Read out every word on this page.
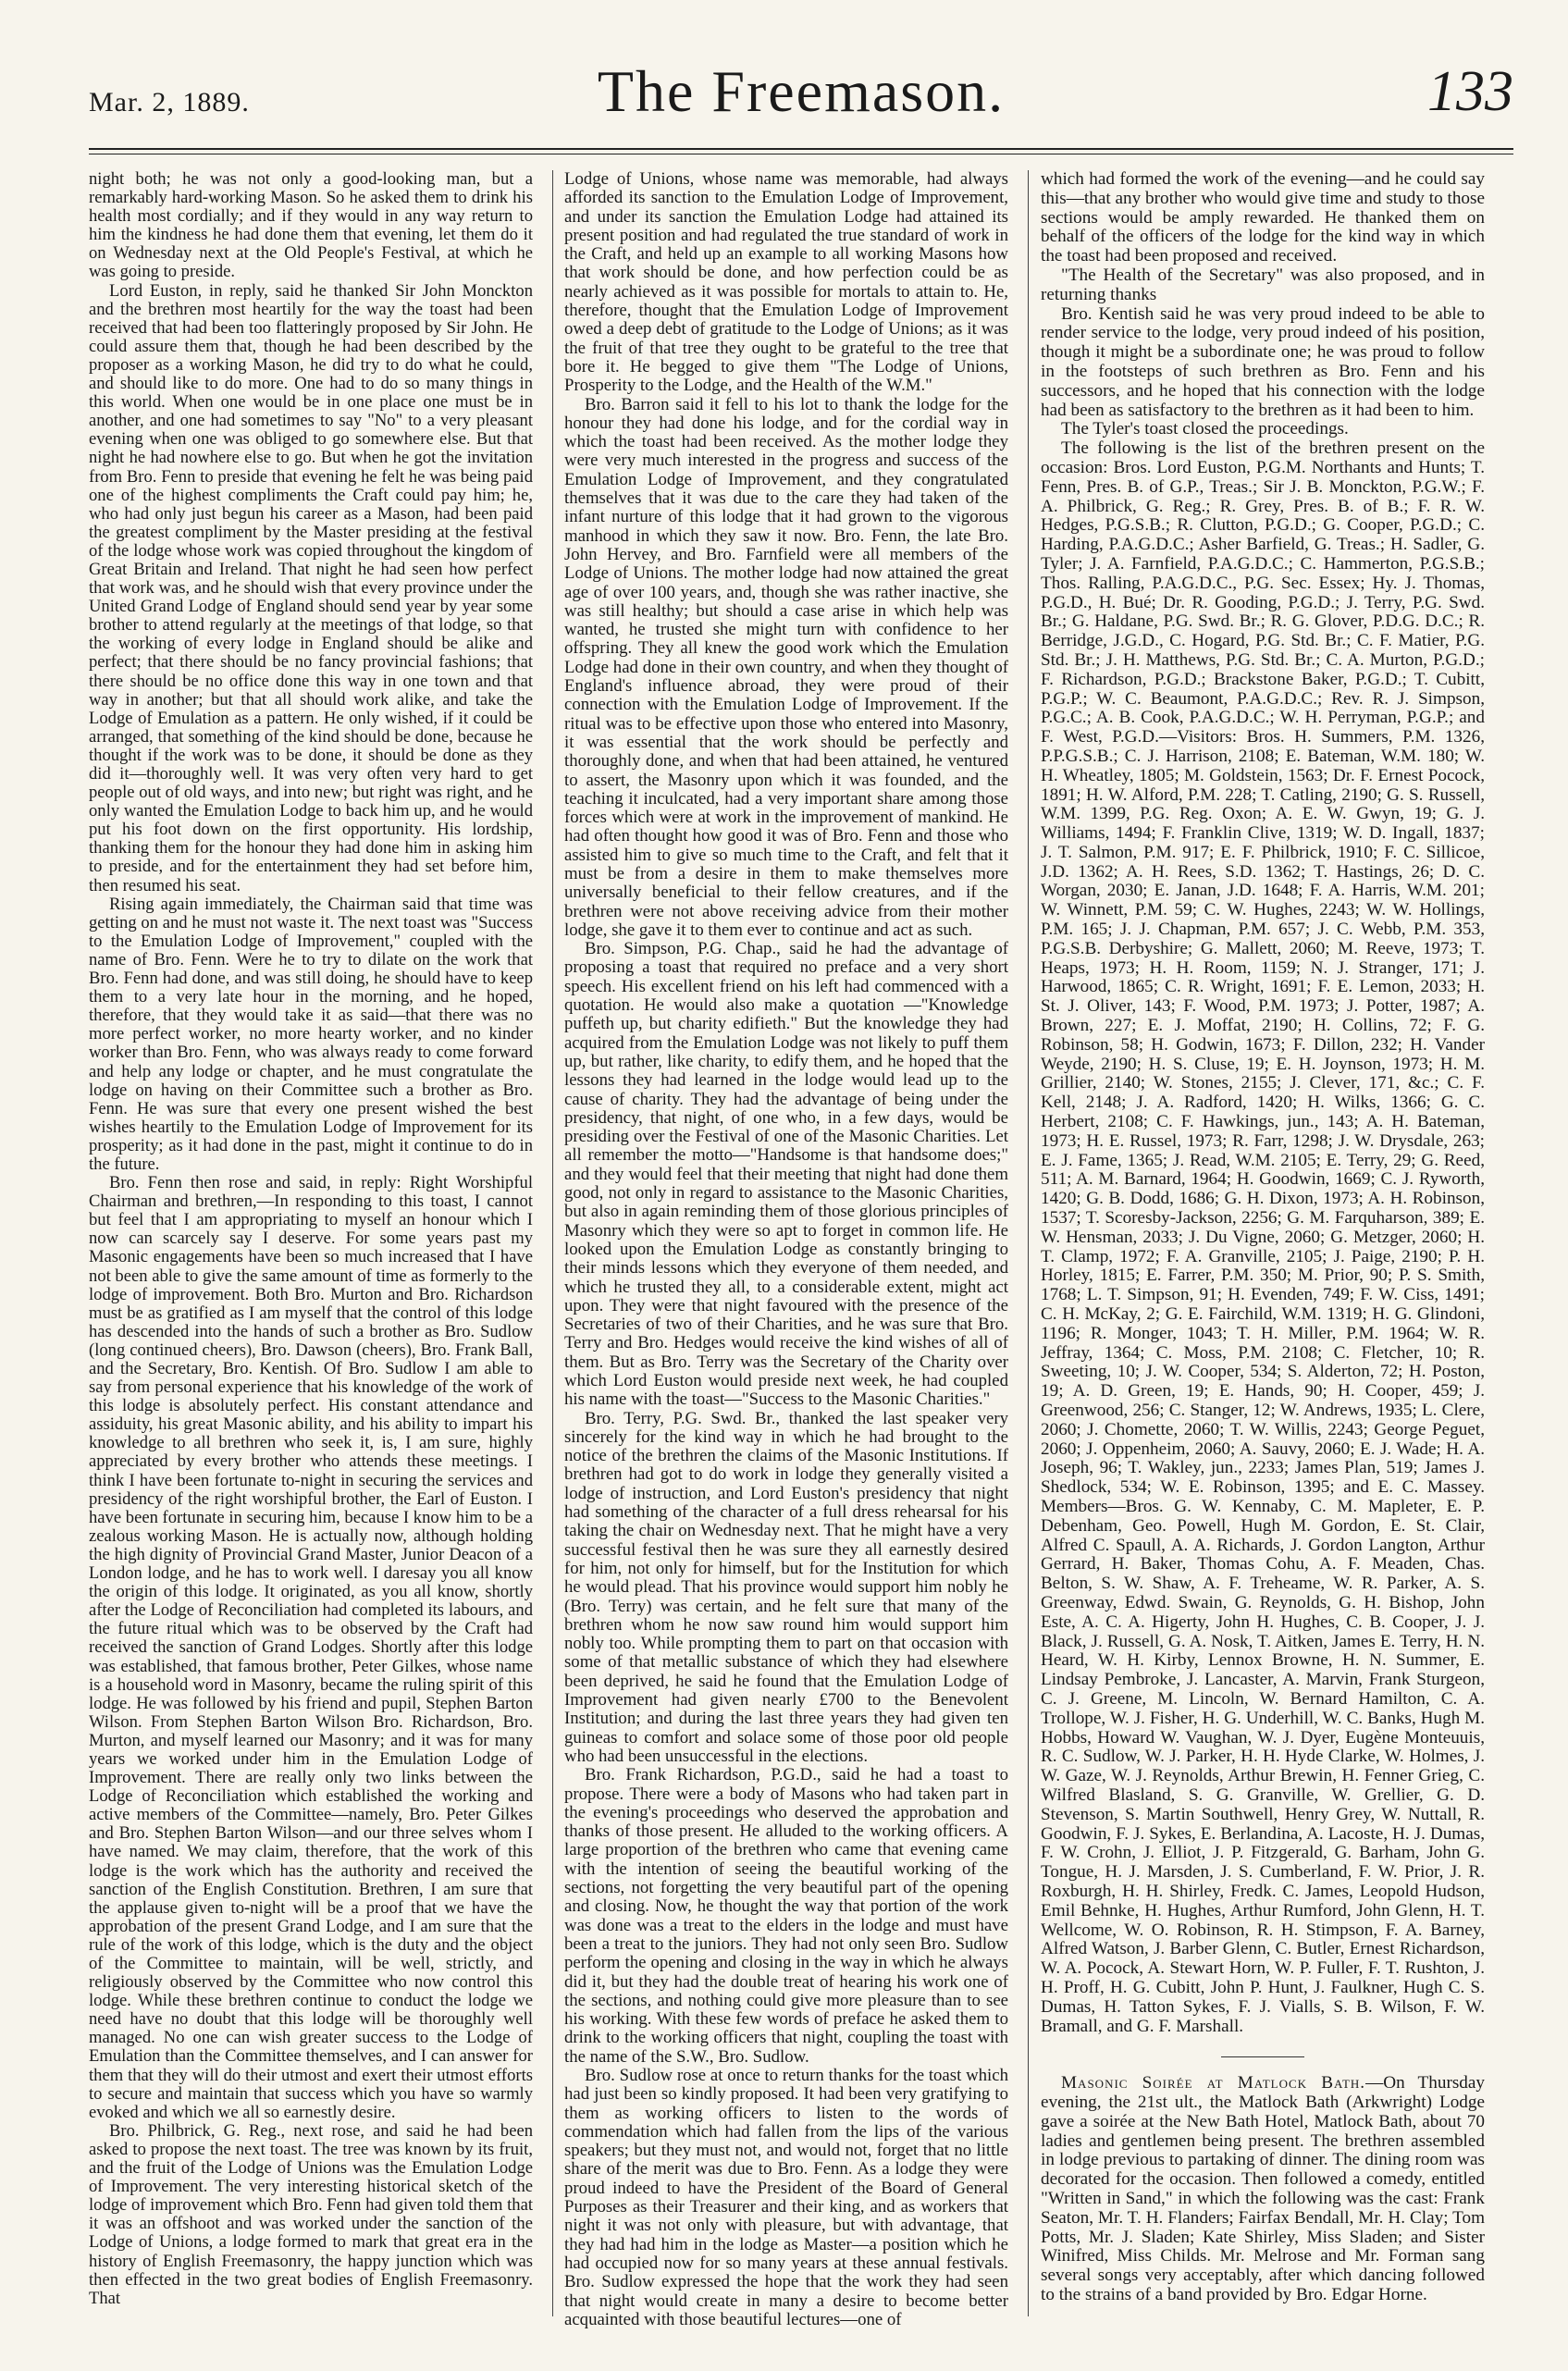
Mar. 2, 1889.	The Freemason.	133

night both; he was not only a good-looking man, but a remarkably hard-working Mason. So he asked them to drink his health most cordially; and if they would in any way return to him the kindness he had done them that evening, let them do it on Wednesday next at the Old People's Festival, at which he was going to preside.

Lord Euston, in reply, said he thanked Sir John Monckton and the brethren most heartily for the way the toast had been received that had been too flatteringly proposed by Sir John. He could assure them that, though he had been described by the proposer as a working Mason, he did try to do what he could, and should like to do more. One had to do so many things in this world. When one would be in one place one must be in another, and one had sometimes to say "No" to a very pleasant evening when one was obliged to go somewhere else. But that night he had nowhere else to go. But when he got the invitation from Bro. Fenn to preside that evening he felt he was being paid one of the highest compliments the Craft could pay him; he, who had only just begun his career as a Mason, had been paid the greatest compliment by the Master presiding at the festival of the lodge whose work was copied throughout the kingdom of Great Britain and Ireland. That night he had seen how perfect that work was, and he should wish that every province under the United Grand Lodge of England should send year by year some brother to attend regularly at the meetings of that lodge, so that the working of every lodge in England should be alike and perfect; that there should be no fancy provincial fashions; that there should be no office done this way in one town and that way in another; but that all should work alike, and take the Lodge of Emulation as a pattern. He only wished, if it could be arranged, that something of the kind should be done, because he thought if the work was to be done, it should be done as they did it—thoroughly well. It was very often very hard to get people out of old ways, and into new; but right was right, and he only wanted the Emulation Lodge to back him up, and he would put his foot down on the first opportunity. His lordship, thanking them for the honour they had done him in asking him to preside, and for the entertainment they had set before him, then resumed his seat.

Rising again immediately, the Chairman said that time was getting on and he must not waste it. The next toast was "Success to the Emulation Lodge of Improvement," coupled with the name of Bro. Fenn. Were he to try to dilate on the work that Bro. Fenn had done, and was still doing, he should have to keep them to a very late hour in the morning, and he hoped, therefore, that they would take it as said—that there was no more perfect worker, no more hearty worker, and no kinder worker than Bro. Fenn, who was always ready to come forward and help any lodge or chapter, and he must congratulate the lodge on having on their Committee such a brother as Bro. Fenn. He was sure that every one present wished the best wishes heartily to the Emulation Lodge of Improvement for its prosperity; as it had done in the past, might it continue to do in the future.

Bro. Fenn then rose and said, in reply: Right Worshipful Chairman and brethren,—In responding to this toast, I cannot but feel that I am appropriating to myself an honour which I now can scarcely say I deserve. For some years past my Masonic engagements have been so much increased that I have not been able to give the same amount of time as formerly to the lodge of improvement. Both Bro. Murton and Bro. Richardson must be as gratified as I am myself that the control of this lodge has descended into the hands of such a brother as Bro. Sudlow (long continued cheers), Bro. Dawson (cheers), Bro. Frank Ball, and the Secretary, Bro. Kentish. Of Bro. Sudlow I am able to say from personal experience that his knowledge of the work of this lodge is absolutely perfect. His constant attendance and assiduity, his great Masonic ability, and his ability to impart his knowledge to all brethren who seek it, is, I am sure, highly appreciated by every brother who attends these meetings. I think I have been fortunate to-night in securing the services and presidency of the right worshipful brother, the Earl of Euston. I have been fortunate in securing him, because I know him to be a zealous working Mason. He is actually now, although holding the high dignity of Provincial Grand Master, Junior Deacon of a London lodge, and he has to work well. I daresay you all know the origin of this lodge. It originated, as you all know, shortly after the Lodge of Reconciliation had completed its labours, and the future ritual which was to be observed by the Craft had received the sanction of Grand Lodges. Shortly after this lodge was established, that famous brother, Peter Gilkes, whose name is a household word in Masonry, became the ruling spirit of this lodge. He was followed by his friend and pupil, Stephen Barton Wilson. From Stephen Barton Wilson Bro. Richardson, Bro. Murton, and myself learned our Masonry; and it was for many years we worked under him in the Emulation Lodge of Improvement. There are really only two links between the Lodge of Reconciliation which established the working and active members of the Committee—namely, Bro. Peter Gilkes and Bro. Stephen Barton Wilson—and our three selves whom I have named. We may claim, therefore, that the work of this lodge is the work which has the authority and received the sanction of the English Constitution. Brethren, I am sure that the applause given to-night will be a proof that we have the approbation of the present Grand Lodge, and I am sure that the rule of the work of this lodge, which is the duty and the object of the Committee to maintain, will be well, strictly, and religiously observed by the Committee who now control this lodge. While these brethren continue to conduct the lodge we need have no doubt that this lodge will be thoroughly well managed. No one can wish greater success to the Lodge of Emulation than the Committee themselves, and I can answer for them that they will do their utmost and exert their utmost efforts to secure and maintain that success which you have so warmly evoked and which we all so earnestly desire.

Bro. Philbrick, G. Reg., next rose, and said he had been asked to propose the next toast. The tree was known by its fruit, and the fruit of the Lodge of Unions was the Emulation Lodge of Improvement. The very interesting historical sketch of the lodge of improvement which Bro. Fenn had given told them that it was an offshoot and was worked under the sanction of the Lodge of Unions, a lodge formed to mark that great era in the history of English Freemasonry, the happy junction which was then effected in the two great bodies of English Freemasonry. That

Lodge of Unions, whose name was memorable, had always afforded its sanction to the Emulation Lodge of Improvement, and under its sanction the Emulation Lodge had attained its present position and had regulated the true standard of work in the Craft, and held up an example to all working Masons how that work should be done, and how perfection could be as nearly achieved as it was possible for mortals to attain to. He, therefore, thought that the Emulation Lodge of Improvement owed a deep debt of gratitude to the Lodge of Unions; as it was the fruit of that tree they ought to be grateful to the tree that bore it. He begged to give them "The Lodge of Unions, Prosperity to the Lodge, and the Health of the W.M."

Bro. Barron said it fell to his lot to thank the lodge for the honour they had done his lodge, and for the cordial way in which the toast had been received. As the mother lodge they were very much interested in the progress and success of the Emulation Lodge of Improvement, and they congratulated themselves that it was due to the care they had taken of the infant nurture of this lodge that it had grown to the vigorous manhood in which they saw it now. Bro. Fenn, the late Bro. John Hervey, and Bro. Farnfield were all members of the Lodge of Unions. The mother lodge had now attained the great age of over 100 years, and, though she was rather inactive, she was still healthy; but should a case arise in which help was wanted, he trusted she might turn with confidence to her offspring. They all knew the good work which the Emulation Lodge had done in their own country, and when they thought of England's influence abroad, they were proud of their connection with the Emulation Lodge of Improvement. If the ritual was to be effective upon those who entered into Masonry, it was essential that the work should be perfectly and thoroughly done, and when that had been attained, he ventured to assert, the Masonry upon which it was founded, and the teaching it inculcated, had a very important share among those forces which were at work in the improvement of mankind. He had often thought how good it was of Bro. Fenn and those who assisted him to give so much time to the Craft, and felt that it must be from a desire in them to make themselves more universally beneficial to their fellow creatures, and if the brethren were not above receiving advice from their mother lodge, she gave it to them ever to continue and act as such.

Bro. Simpson, P.G. Chap., said he had the advantage of proposing a toast that required no preface and a very short speech. His excellent friend on his left had commenced with a quotation. He would also make a quotation —"Knowledge puffeth up, but charity edifieth." But the knowledge they had acquired from the Emulation Lodge was not likely to puff them up, but rather, like charity, to edify them, and he hoped that the lessons they had learned in the lodge would lead up to the cause of charity. They had the advantage of being under the presidency, that night, of one who, in a few days, would be presiding over the Festival of one of the Masonic Charities. Let all remember the motto—"Handsome is that handsome does;" and they would feel that their meeting that night had done them good, not only in regard to assistance to the Masonic Charities, but also in again reminding them of those glorious principles of Masonry which they were so apt to forget in common life. He looked upon the Emulation Lodge as constantly bringing to their minds lessons which they everyone of them needed, and which he trusted they all, to a considerable extent, might act upon. They were that night favoured with the presence of the Secretaries of two of their Charities, and he was sure that Bro. Terry and Bro. Hedges would receive the kind wishes of all of them. But as Bro. Terry was the Secretary of the Charity over which Lord Euston would preside next week, he had coupled his name with the toast—"Success to the Masonic Charities."

Bro. Terry, P.G. Swd. Br., thanked the last speaker very sincerely for the kind way in which he had brought to the notice of the brethren the claims of the Masonic Institutions. If brethren had got to do work in lodge they generally visited a lodge of instruction, and Lord Euston's presidency that night had something of the character of a full dress rehearsal for his taking the chair on Wednesday next. That he might have a very successful festival then he was sure they all earnestly desired for him, not only for himself, but for the Institution for which he would plead. That his province would support him nobly he (Bro. Terry) was certain, and he felt sure that many of the brethren whom he now saw round him would support him nobly too. While prompting them to part on that occasion with some of that metallic substance of which they had elsewhere been deprived, he said he found that the Emulation Lodge of Improvement had given nearly £700 to the Benevolent Institution; and during the last three years they had given ten guineas to comfort and solace some of those poor old people who had been unsuccessful in the elections.

Bro. Frank Richardson, P.G.D., said he had a toast to propose. There were a body of Masons who had taken part in the evening's proceedings who deserved the approbation and thanks of those present. He alluded to the working officers. A large proportion of the brethren who came that evening came with the intention of seeing the beautiful working of the sections, not forgetting the very beautiful part of the opening and closing. Now, he thought the way that portion of the work was done was a treat to the elders in the lodge and must have been a treat to the juniors. They had not only seen Bro. Sudlow perform the opening and closing in the way in which he always did it, but they had the double treat of hearing his work one of the sections, and nothing could give more pleasure than to see his working. With these few words of preface he asked them to drink to the working officers that night, coupling the toast with the name of the S.W., Bro. Sudlow.

Bro. Sudlow rose at once to return thanks for the toast which had just been so kindly proposed. It had been very gratifying to them as working officers to listen to the words of commendation which had fallen from the lips of the various speakers; but they must not, and would not, forget that no little share of the merit was due to Bro. Fenn. As a lodge they were proud indeed to have the President of the Board of General Purposes as their Treasurer and their king, and as workers that night it was not only with pleasure, but with advantage, that they had had him in the lodge as Master—a position which he had occupied now for so many years at these annual festivals. Bro. Sudlow expressed the hope that the work they had seen that night would create in many a desire to become better acquainted with those beautiful lectures—one of

which had formed the work of the evening—and he could say this—that any brother who would give time and study to those sections would be amply rewarded. He thanked them on behalf of the officers of the lodge for the kind way in which the toast had been proposed and received.

"The Health of the Secretary" was also proposed, and in returning thanks

Bro. Kentish said he was very proud indeed to be able to render service to the lodge, very proud indeed of his position, though it might be a subordinate one; he was proud to follow in the footsteps of such brethren as Bro. Fenn and his successors, and he hoped that his connection with the lodge had been as satisfactory to the brethren as it had been to him.

The Tyler's toast closed the proceedings.

The following is the list of the brethren present on the occasion: Bros. Lord Euston, P.G.M. Northants and Hunts; T. Fenn, Pres. B. of G.P., Treas.; Sir J. B. Monckton, P.G.W.; F. A. Philbrick, G. Reg.; R. Grey, Pres. B. of B.; F. R. W. Hedges, P.G.S.B.; R. Clutton, P.G.D.; G. Cooper, P.G.D.; C. Harding, P.A.G.D.C.; Asher Barfield, G. Treas.; H. Sadler, G. Tyler; J. A. Farnfield, P.A.G.D.C.; C. Hammerton, P.G.S.B.; Thos. Ralling, P.A.G.D.C., P.G. Sec. Essex; Hy. J. Thomas, P.G.D., H. Bué; Dr. R. Gooding, P.G.D.; J. Terry, P.G. Swd. Br.; G. Haldane, P.G. Swd. Br.; R. G. Glover, P.D.G. D.C.; R. Berridge, J.G.D., C. Hogard, P.G. Std. Br.; C. F. Matier, P.G. Std. Br.; J. H. Matthews, P.G. Std. Br.; C. A. Murton, P.G.D.; F. Richardson, P.G.D.; Brackstone Baker, P.G.D.; T. Cubitt, P.G.P.; W. C. Beaumont, P.A.G.D.C.; Rev. R. J. Simpson, P.G.C.; A. B. Cook, P.A.G.D.C.; W. H. Perryman, P.G.P.; and F. West, P.G.D.—Visitors: Bros. H. Summers, P.M. 1326, P.P.G.S.B.; C. J. Harrison, 2108; E. Bateman, W.M. 180; W. H. Wheatley, 1805; M. Goldstein, 1563; Dr. F. Ernest Pocock, 1891; H. W. Alford, P.M. 228; T. Catling, 2190; G. S. Russell, W.M. 1399, P.G. Reg. Oxon; A. E. W. Gwyn, 19; G. J. Williams, 1494; F. Franklin Clive, 1319; W. D. Ingall, 1837; J. T. Salmon, P.M. 917; E. F. Philbrick, 1910; F. C. Sillicoe, J.D. 1362; A. H. Rees, S.D. 1362; T. Hastings, 26; D. C. Worgan, 2030; E. Janan, J.D. 1648; F. A. Harris, W.M. 201; W. Winnett, P.M. 59; C. W. Hughes, 2243; W. W. Hollings, P.M. 165; J. J. Chapman, P.M. 657; J. C. Webb, P.M. 353, P.G.S.B. Derbyshire; G. Mallett, 2060; M. Reeve, 1973; T. Heaps, 1973; H. H. Room, 1159; N. J. Stranger, 171; J. Harwood, 1865; C. R. Wright, 1691; F. E. Lemon, 2033; H. St. J. Oliver, 143; F. Wood, P.M. 1973; J. Potter, 1987; A. Brown, 227; E. J. Moffat, 2190; H. Collins, 72; F. G. Robinson, 58; H. Godwin, 1673; F. Dillon, 232; H. Vander Weyde, 2190; H. S. Cluse, 19; E. H. Joynson, 1973; H. M. Grillier, 2140; W. Stones, 2155; J. Clever, 171, &c.; C. F. Kell, 2148; J. A. Radford, 1420; H. Wilks, 1366; G. C. Herbert, 2108; C. F. Hawkings, jun., 143; A. H. Bateman, 1973; H. E. Russel, 1973; R. Farr, 1298; J. W. Drysdale, 263; E. J. Fame, 1365; J. Read, W.M. 2105; E. Terry, 29; G. Reed, 511; A. M. Barnard, 1964; H. Goodwin, 1669; C. J. Ryworth, 1420; G. B. Dodd, 1686; G. H. Dixon, 1973; A. H. Robinson, 1537; T. Scoresby-Jackson, 2256; G. M. Farquharson, 389; E. W. Hensman, 2033; J. Du Vigne, 2060; G. Metzger, 2060; H. T. Clamp, 1972; F. A. Granville, 2105; J. Paige, 2190; P. H. Horley, 1815; E. Farrer, P.M. 350; M. Prior, 90; P. S. Smith, 1768; L. T. Simpson, 91; H. Evenden, 749; F. W. Ciss, 1491; C. H. McKay, 2; G. E. Fairchild, W.M. 1319; H. G. Glindoni, 1196; R. Monger, 1043; T. H. Miller, P.M. 1964; W. R. Jeffray, 1364; C. Moss, P.M. 2108; C. Fletcher, 10; R. Sweeting, 10; J. W. Cooper, 534; S. Alderton, 72; H. Poston, 19; A. D. Green, 19; E. Hands, 90; H. Cooper, 459; J. Greenwood, 256; C. Stanger, 12; W. Andrews, 1935; L. Clere, 2060; J. Chomette, 2060; T. W. Willis, 2243; George Peguet, 2060; J. Oppenheim, 2060; A. Sauvy, 2060; E. J. Wade; H. A. Joseph, 96; T. Wakley, jun., 2233; James Plan, 519; James J. Shedlock, 534; W. E. Robinson, 1395; and E. C. Massey. Members—Bros. G. W. Kennaby, C. M. Mapleter, E. P. Debenham, Geo. Powell, Hugh M. Gordon, E. St. Clair, Alfred C. Spaull, A. A. Richards, J. Gordon Langton, Arthur Gerrard, H. Baker, Thomas Cohu, A. F. Meaden, Chas. Belton, S. W. Shaw, A. F. Treheame, W. R. Parker, A. S. Greenway, Edwd. Swain, G. Reynolds, G. H. Bishop, John Este, A. C. A. Higerty, John H. Hughes, C. B. Cooper, J. J. Black, J. Russell, G. A. Nosk, T. Aitken, James E. Terry, H. N. Heard, W. H. Kirby, Lennox Browne, H. N. Summer, E. Lindsay Pembroke, J. Lancaster, A. Marvin, Frank Sturgeon, C. J. Greene, M. Lincoln, W. Bernard Hamilton, C. A. Trollope, W. J. Fisher, H. G. Underhill, W. C. Banks, Hugh M. Hobbs, Howard W. Vaughan, W. J. Dyer, Eugène Monteuuis, R. C. Sudlow, W. J. Parker, H. H. Hyde Clarke, W. Holmes, J. W. Gaze, W. J. Reynolds, Arthur Brewin, H. Fenner Grieg, C. Wilfred Blasland, S. G. Granville, W. Grellier, G. D. Stevenson, S. Martin Southwell, Henry Grey, W. Nuttall, R. Goodwin, F. J. Sykes, E. Berlandina, A. Lacoste, H. J. Dumas, F. W. Crohn, J. Elliot, J. P. Fitzgerald, G. Barham, John G. Tongue, H. J. Marsden, J. S. Cumberland, F. W. Prior, J. R. Roxburgh, H. H. Shirley, Fredk. C. James, Leopold Hudson, Emil Behnke, H. Hughes, Arthur Rumford, John Glenn, H. T. Wellcome, W. O. Robinson, R. H. Stimpson, F. A. Barney, Alfred Watson, J. Barber Glenn, C. Butler, Ernest Richardson, W. A. Pocock, A. Stewart Horn, W. P. Fuller, F. T. Rushton, J. H. Proff, H. G. Cubitt, John P. Hunt, J. Faulkner, Hugh C. S. Dumas, H. Tatton Sykes, F. J. Vialls, S. B. Wilson, F. W. Bramall, and G. F. Marshall.

Masonic Soirée at Matlock Bath.—On Thursday evening, the 21st ult., the Matlock Bath (Arkwright) Lodge gave a soirée at the New Bath Hotel, Matlock Bath, about 70 ladies and gentlemen being present. The brethren assembled in lodge previous to partaking of dinner. The dining room was decorated for the occasion. Then followed a comedy, entitled "Written in Sand," in which the following was the cast: Frank Seaton, Mr. T. H. Flanders; Fairfax Bendall, Mr. H. Clay; Tom Potts, Mr. J. Sladen; Kate Shirley, Miss Sladen; and Sister Winifred, Miss Childs. Mr. Melrose and Mr. Forman sang several songs very acceptably, after which dancing followed to the strains of a band provided by Bro. Edgar Horne.
